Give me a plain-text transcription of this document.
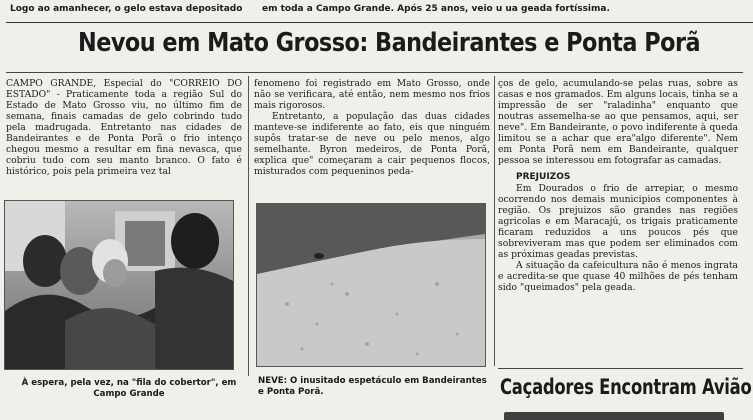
Logo ao amanhecer, o gelo estava depositado em toda a Campo Grande. Após 25 anos, veio u ua geada fortíssima.
Nevou em Mato Grosso: Bandeirantes e Ponta Porã

CAMPO GRANDE, Especial do "CORREIO DO ESTADO" - Praticamente toda a região Sul do Estado de Mato Grosso viu, no último fim de semana, finais camadas de gelo cobrindo tudo pela madrugada. Entretanto nas cidades de Bandeirantes e de Ponta Porã o frio intenço chegou mesmo a resultar em fina nevasca, que cobriu tudo com seu manto branco. O fato é histórico, pois pela primeira vez tal

fenomeno foi registrado em Mato Grosso, onde não se verificara, até então, nem mesmo nos frios mais rigorosos.

Entretanto, a população das duas cidades manteve-se indiferente ao fato, eis que ninguém supôs tratar-se de neve ou pelo menos, algo semelhante. Byron medeiros, de Ponta Porã, explica que" começaram a cair pequenos flocos, misturados com pequeninos peda-

ços de gelo, acumulando-se pelas ruas, sobre as casas e nos gramados. Em alguns locais, tinha se a impressão de ser "raladinha" enquanto que noutras assemelha-se ao que pensamos, aqui, ser neve". Em Bandeirante, o povo indiferente à queda limitou se a achar que era"algo diferente". Nem em Ponta Porã nem em Bandeirante, qualquer pessoa se interessou em fotografar as camadas.

PREJUIZOS

Em Dourados o frio de arrepiar, o mesmo ocorrendo nos demais municipios componentes à região. Os prejuizos são grandes nas regiões agricolas e em Maracajú, os trigais praticamente ficaram reduzidos a uns poucos pés que sobreviveram mas que podem ser eliminados com as próximas geadas previstas.

A situação da cafeicultura não é menos ingrata e acredita-se que quase 40 milhões de pés tenham sido "queimados" pela geada.

À espera, pela vez, na "fila do cobertor", em Campo Grande
NEVE: O inusitado espetáculo em Bandeirantes e Ponta Porã.	Caçadores Encontram Avião
